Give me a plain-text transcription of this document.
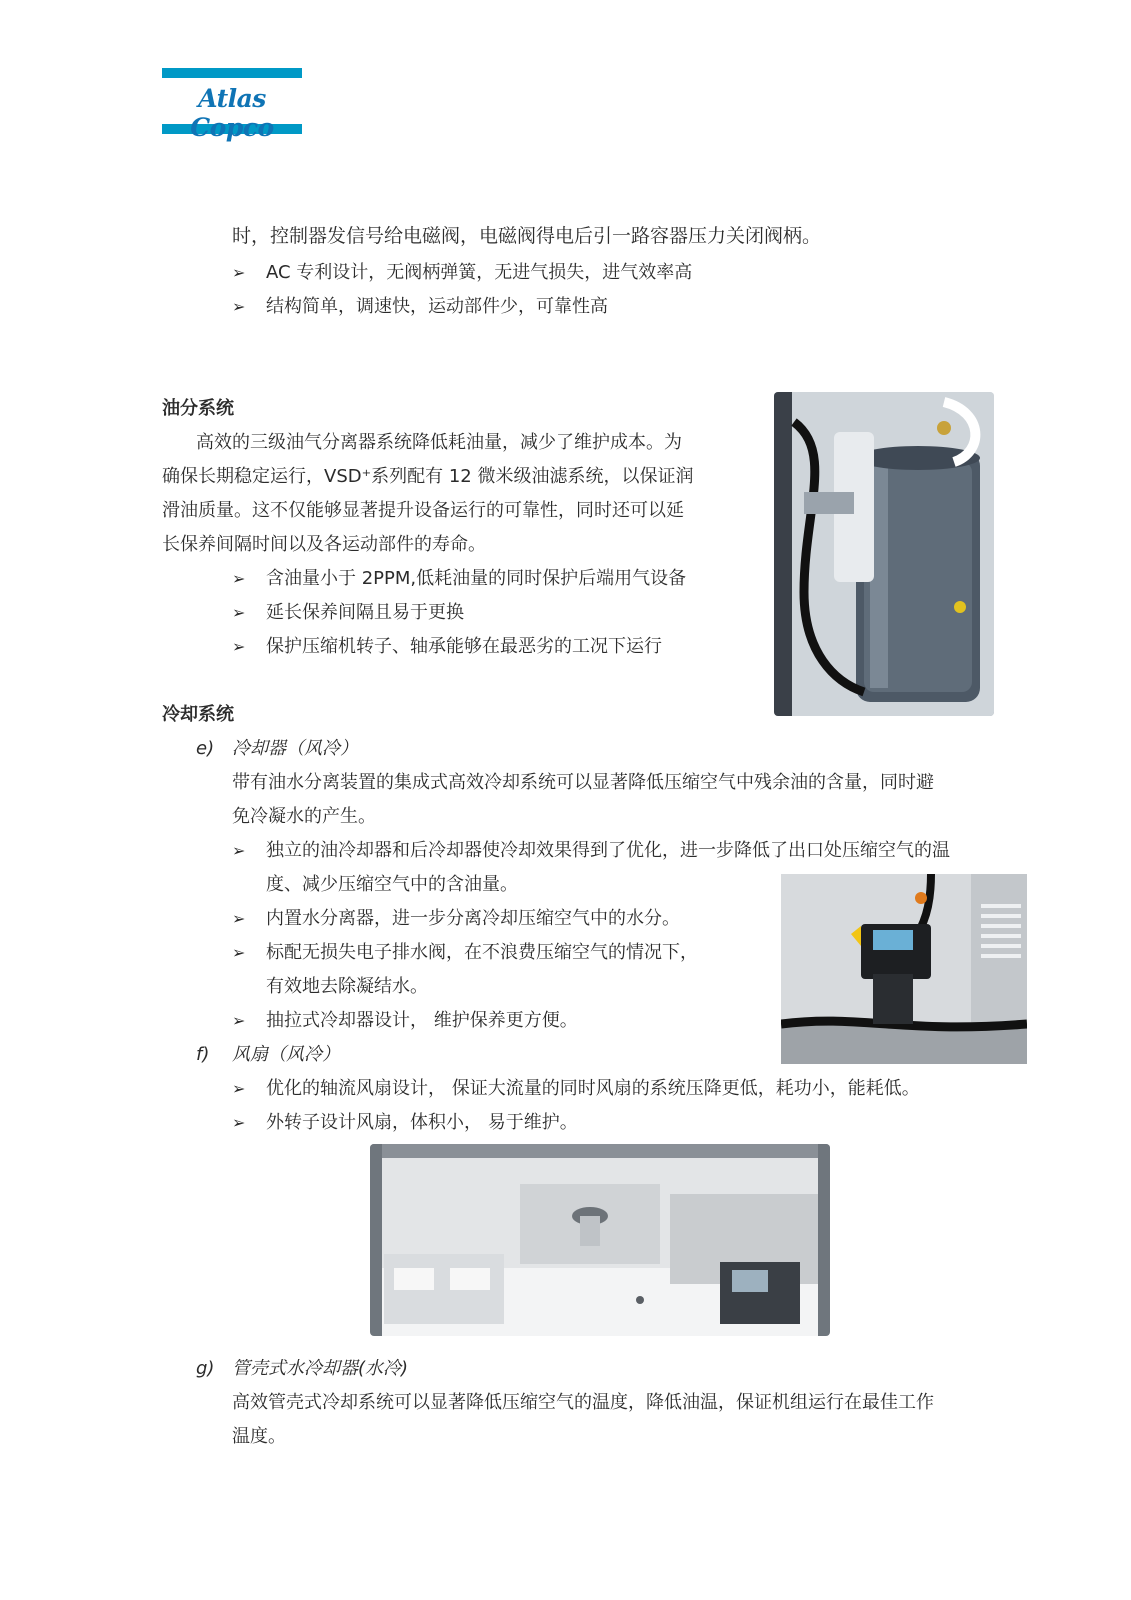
Atlas Copco
时，控制器发信号给电磁阀，电磁阀得电后引一路容器压力关闭阀柄。
➢ AC 专利设计，无阀柄弹簧，无进气损失，进气效率高
➢ 结构简单，调速快，运动部件少，可靠性高
油分系统
高效的三级油气分离器系统降低耗油量，减少了维护成本。为
确保长期稳定运行，VSD⁺系列配有 12 微米级油滤系统，以保证润
滑油质量。这不仅能够显著提升设备运行的可靠性，同时还可以延
长保养间隔时间以及各运动部件的寿命。
➢ 含油量小于 2PPM,低耗油量的同时保护后端用气设备
➢ 延长保养间隔且易于更换
➢ 保护压缩机转子、轴承能够在最恶劣的工况下运行
冷却系统
e) 冷却器（风冷）
带有油水分离装置的集成式高效冷却系统可以显著降低压缩空气中残余油的含量，同时避
免冷凝水的产生。
➢ 独立的油冷却器和后冷却器使冷却效果得到了优化，进一步降低了出口处压缩空气的温
度、减少压缩空气中的含油量。
➢ 内置水分离器，进一步分离冷却压缩空气中的水分。
➢ 标配无损失电子排水阀，在不浪费压缩空气的情况下，
有效地去除凝结水。
➢ 抽拉式冷却器设计， 维护保养更方便。
f) 风扇（风冷）
➢ 优化的轴流风扇设计， 保证大流量的同时风扇的系统压降更低，耗功小，能耗低。
➢ 外转子设计风扇，体积小， 易于维护。
g) 管壳式水冷却器(水冷)
高效管壳式冷却系统可以显著降低压缩空气的温度，降低油温，保证机组运行在最佳工作
温度。
